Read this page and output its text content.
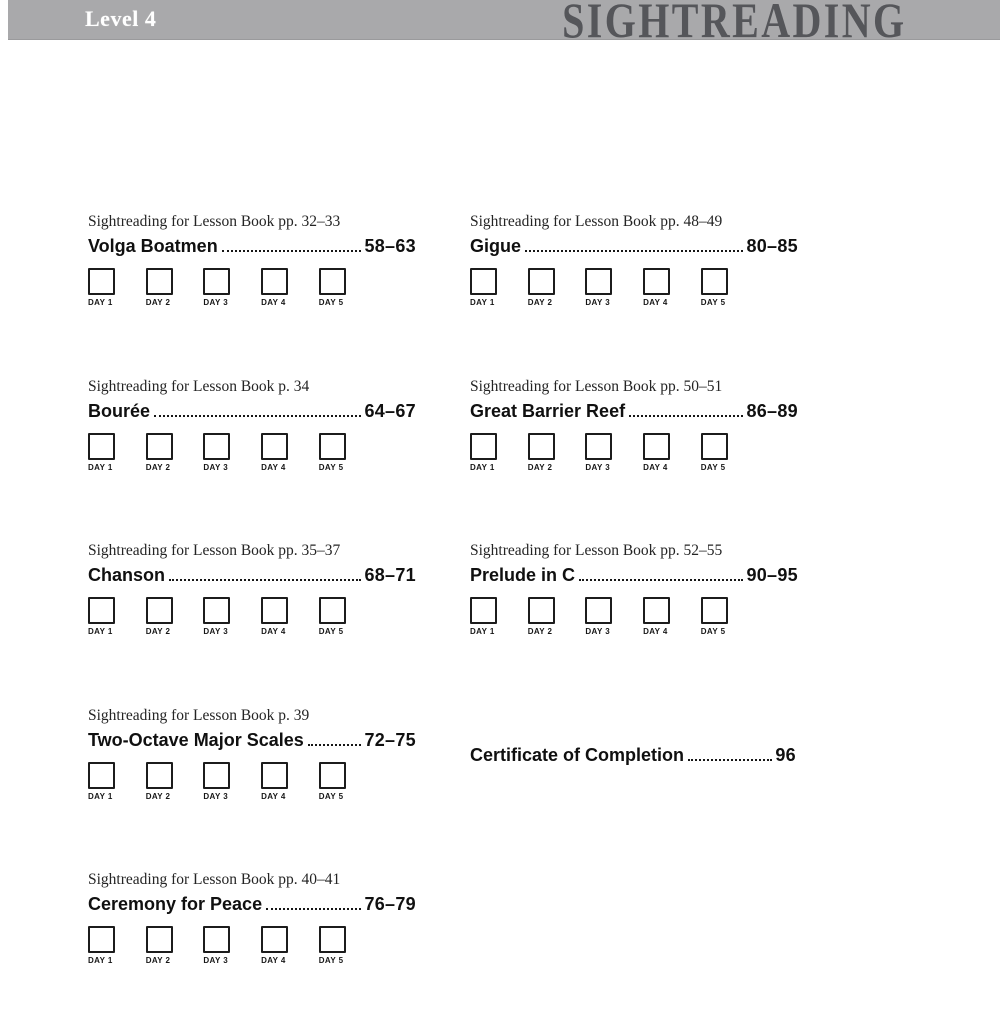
Level 4	SIGHTREADING
Sightreading for Lesson Book pp. 32–33
Volga Boatmen	58–63
DAY 1	DAY 2	DAY 3	DAY 4	DAY 5
Sightreading for Lesson Book p. 34
Bourée	64–67
DAY 1	DAY 2	DAY 3	DAY 4	DAY 5
Sightreading for Lesson Book pp. 35–37
Chanson	68–71
DAY 1	DAY 2	DAY 3	DAY 4	DAY 5
Sightreading for Lesson Book p. 39
Two-Octave Major Scales	72–75
DAY 1	DAY 2	DAY 3	DAY 4	DAY 5
Sightreading for Lesson Book pp. 40–41
Ceremony for Peace	76–79
DAY 1	DAY 2	DAY 3	DAY 4	DAY 5
Sightreading for Lesson Book pp. 48–49
Gigue	80–85
DAY 1	DAY 2	DAY 3	DAY 4	DAY 5
Sightreading for Lesson Book pp. 50–51
Great Barrier Reef	86–89
DAY 1	DAY 2	DAY 3	DAY 4	DAY 5
Sightreading for Lesson Book pp. 52–55
Prelude in C	90–95
DAY 1	DAY 2	DAY 3	DAY 4	DAY 5
Certificate of Completion	96
